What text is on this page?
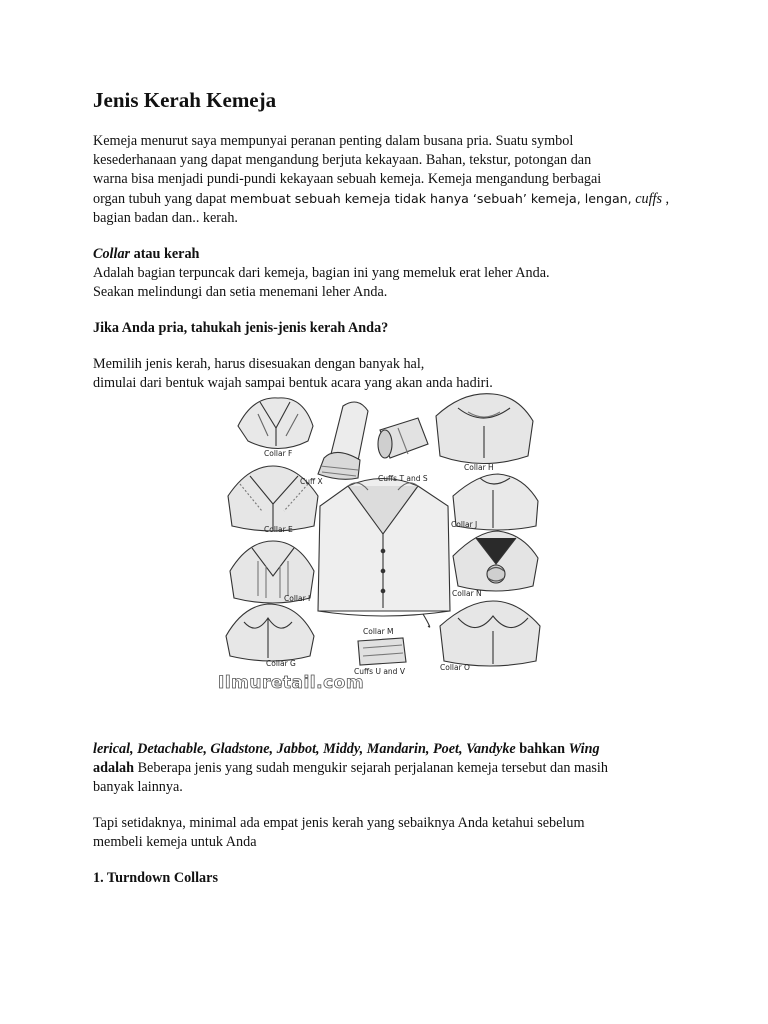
Jenis Kerah Kemeja

Kemeja menurut saya mempunyai peranan penting dalam busana pria. Suatu symbol
kesederhanaan yang dapat mengandung berjuta kekayaan. Bahan, tekstur, potongan dan
warna bisa menjadi pundi-pundi kekayaan sebuah kemeja. Kemeja mengandung berbagai
organ tubuh yang dapat membuat sebuah kemeja tidak hanya ‘sebuah’ kemeja, lengan, cuffs ,
bagian badan dan.. kerah.

Collar atau kerah
Adalah bagian terpuncak dari kemeja, bagian ini yang memeluk erat leher Anda.
Seakan melindungi dan setia menemani leher Anda.

Jika Anda pria, tahukah jenis-jenis kerah Anda?

Memilih jenis kerah, harus disesuakan dengan banyak hal,
dimulai dari bentuk wajah sampai bentuk acara yang akan anda hadiri.

Collar F
Cuff X	Cuffs T and S
Collar H
Collar E
Collar J
Collar I
Collar N
Collar M
Collar G	Collar O
Cuffs U and V
Ilmuretail.com

lerical, Detachable, Gladstone, Jabbot, Middy, Mandarin, Poet, Vandyke bahkan Wing
adalah Beberapa jenis yang sudah mengukir sejarah perjalanan kemeja tersebut dan masih
banyak lainnya.

Tapi setidaknya, minimal ada empat jenis kerah yang sebaiknya Anda ketahui sebelum
membeli kemeja untuk Anda

1. Turndown Collars
